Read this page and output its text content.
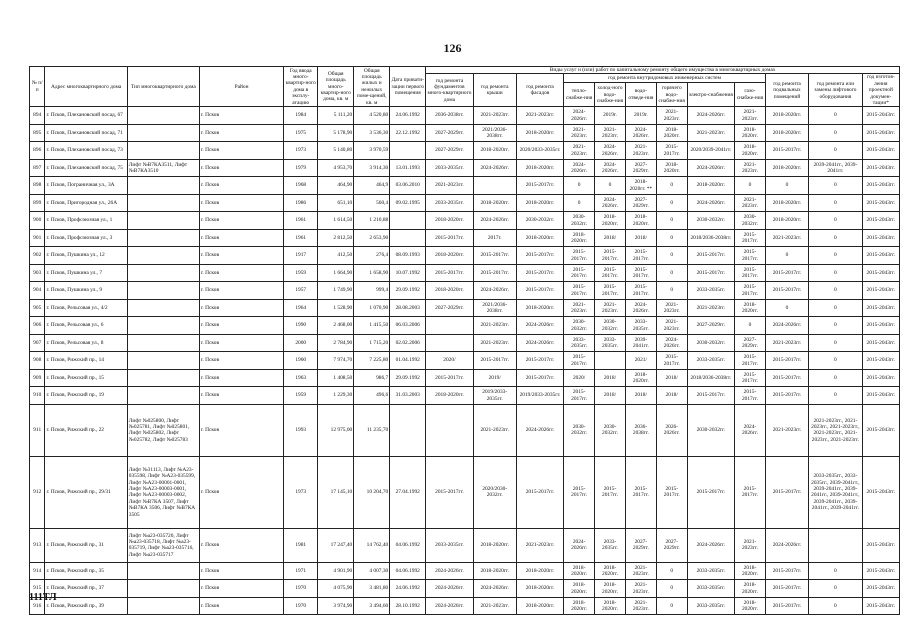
126
№ п/п	Адрес многоквартирного дома	Тип многоквартирного дома	Район	Год ввода много-квартир-ного дома в эксплу-атацию	Общая площадь много-квартир-ного дома, кв. м	Общая площадь жилых и нежилых поме-щений, кв. м	Дата привати-зации первого помещения	Виды услуг и (или) работ по капитальному ремонту общего имущества в многоквартирных домах											
								год ремонта фундаментов много-квартирного дома	год ремонта крыши	год ремонта фасадов	год ремонта внутридомовых инженерных систем						год ремонта подвальных помещений	год ремонта или замены лифтового оборудования	год изготов-ления проектной докумен-тации*
											тепло-снабже-ния	холод-ного водо-снабже-ния	водо-отведе-ния	горячего водо-снабже-ния	электро-снабжения	газо-снабже-ния			
894	г. Псков, Плехановский посад, 67		г. Псков	1984	5 111,20	4 520,80	24.06.1992	2036-2038гг.	2021-2023гг.	2021-2023гг.	2024-2026гг.	2019г.	2019г.	2021-2023гг.	2024-2026гг.	2021-2023гг.	2018-2020гг.	0	2015-2043гг.
895	г. Псков, Плехановский посад, 71		г. Псков	1975	5 178,90	3 536,30	22.12.1992	2027-2029гг.	2021/2036-2038гг.	2018-2020гг.	2021-2023гг.	2021-2023гг.	2024-2026гг.	2018-2020гг.	2021-2023гг.	2018-2020гг.	2018-2020гг.	0	2015-2043гг.
896	г. Псков, Плехановский посад, 73		г. Псков	1973	5 140,80	3 970,59		2027-2029гг.	2018-2020гг.	2020/2033-2035гг.	2021-2023гг.	2024-2026гг.	2021-2023гг.	2015-2017гг.	2020/2039-2041гг.	2018-2020гг.	2015-2017гг.	0	2015-2043гг.
897	г. Псков, Плехановский посад, 75	Лифт №В7КА3511, Лифт №В7КА3510	г. Псков	1979	4 953,70	3 914,30	13.01.1993	2033-2035гг.	2024-2026гг.	2018-2020гг.	2024-2026гг.	2024-2026гг.	2027-2029гг.	2018-2020гг.	2024-2026гг.	2021-2023гг.	2018-2020гг.	2039-2041гг., 2039-2041гг.	2015-2043гг.
898	г. Псков, Пограничная ул., 3А		г. Псков	1968	464,90	464,9	03.06.2010	2021-2023гг.		2015-2017гг.	0	0	2018-2020гг. **	0	2018-2020гг.	0	0	0	2015-2043гг.
899	г. Псков, Пригородная ул., 26А		г. Псков	1986	651,10	560,4	09.02.1995	2033-2035гг.	2018-2020гг.	2018-2020гг.	0	2024-2026гг.	2027-2029гг.	0	2024-2026гг.	2021-2023гг.	2018-2020гг.	0	2015-2043гг.
900	г. Псков, Профсоюзная ул., 1		г. Псков	1961	1 614,50	1 210,88		2018-2020гг.	2024-2026гг.	2030-2032гг.	2030-2032гг.	2018-2020гг.	2018-2020гг.	0	2030-2032гг.	2030-2032гг.	2018-2020гг.	0	2015-2043гг.
901	г. Псков, Профсоюзная ул., 3		г. Псков	1961	2 812,50	2 653,90		2015-2017гг.	2017г.	2018-2020гг.	2018-2020гг.	2018/	2018/	0	2018/2036-2038гг.	2015-2017гг.	2021-2023гг.	0	2015-2043гг.
902	г. Псков, Пушкина ул., 12		г. Псков	1917	412,50	276,4	08.09.1993	2018-2020гг.	2015-2017гг.	2015-2017гг.	2015-2017гг.	2015-2017гг.	2015-2017гг.	0	2015-2017гг.	2015-2017гг.	0	0	2015-2043гг.
903	г. Псков, Пушкина ул., 7		г. Псков	1959	1 664,90	1 658,90	10.07.1992	2015-2017гг.	2015-2017гг.	2015-2017гг.	2015-2017гг.	2015-2017гг.	2015-2017гг.	0	2015-2017гг.	2015-2017гг.	2015-2017гг.	0	2015-2043гг.
904	г. Псков, Пушкина ул., 9		г. Псков	1957	1 749,90	999,4	29.09.1992	2018-2020гг.	2024-2026гг.	2015-2017гг.	2015-2017гг.	2015-2017гг.	2015-2017гг.	0	2033-2035гг.	2015-2017гг.	2015-2017гг.	0	2015-2043гг.
905	г. Псков, Рельсовая ул., 4/2		г. Псков	1964	1 528,90	1 070,90	28.08.2003	2027-2029гг.	2021/2036-2038гг.	2018-2020гг.	2021-2023гг.	2021-2023гг.	2024-2026гг.	2021-2023гг.	2021-2023гг.	2018-2020гг.	0	0	2015-2043гг.
906	г. Псков, Рельсовая ул., 6		г. Псков	1990	2 468,00	1 415,50	06.03.2006		2021-2023гг.	2024-2026гг.	2030-2032гг.	2030-2032гг.	2033-2035гг.	2021-2023гг.	2027-2029гг.	0	2024-2026гг.	0	2015-2043гг.
907	г. Псков, Рельсовая ул., 8		г. Псков	2000	2 784,90	1 715,20	02.02.2006		2021-2023гг.	2024-2026гг.	2033-2035гг.	2033-2035гг.	2039-2041гг.	2024-2026гг.	2030-2032гг.	2027-2029гг.	2021-2023гг.	0	2015-2043гг.
908	г. Псков, Рижский пр., 14		г. Псков	1960	7 974,70	7 225,80	01.04.1992	2020/	2015-2017гг.	2015-2017гг.	2015-2017гг.		2021/	2015-2017гг.	2033-2035гг.	2015-2017гг.	2015-2017гг.	0	2015-2043гг.
909	г. Псков, Рижский пр., 15		г. Псков	1963	1 408,50	986,7	29.09.1992	2015-2017гг.	2019/	2015-2017гг.	2020/	2018/	2018-2020гг.	2018/	2018/2036-2038гг.	2015-2017гг.	2015-2017гг.	0	2015-2043гг.
910	г. Псков, Рижский пр., 19		г. Псков	1959	1 229,30	496,6	31.03.2003	2018-2020гг.	2019/2033-2035гг.	2019/2033-2035гг.	2015-2017гг.	2018/	2018/	2018/	2015-2017гг.	2015-2017гг.	2015-2017гг.	0	2015-2043гг.
911	г. Псков, Рижский пр., 22	Лифт №025800, Лифт №025781, Лифт №025801, Лифт №025802, Лифт №025782, Лифт №025783	г. Псков	1993	12 975,00	11 235,70			2021-2023гг.	2024-2026гг.	2030-2032гг.	2030-2032гг.	2036-2038гг.	2026-2026гг.	2030-2032гг.	2024-2026гг.	2021-2023гг.	2021-2023гг., 2021-2023гг., 2021-2023гг., 2021-2023гг., 2021-2023гг., 2021-2023гг.	2015-2043гг.
912	г. Псков, Рижский пр., 29/31	Лифт №31113, Лифт №А23-035598, Лифт №А23-035599, Лифт №А23-00001-0001, Лифт №А23-00003-0001, Лифт №А23-00003-0002, Лифт №В7КА 3507, Лифт №В7КА 3506, Лифт №В7КА 3505	г. Псков	1973	17 145,10	10 204,70	27.04.1992	2015-2017гг.	2020/2030-2032гг.	2015-2017гг.	2015-2017гг.	2015-2017гг.	2015-2017гг.	2015-2017гг.	2015-2017гг.	2015-2017гг.	2015-2017гг.	2033-2035гг., 2033-2035гг., 2039-2041гг., 2039-2041гг., 2039-2041гг., 2039-2041гг., 2039-2041гг., 2039-2041гг., 2039-2041гг.	2015-2043гг.
913	г. Псков, Рижский пр., 31	Лифт №а23-035720, Лифт №а23-035718, Лифт №а23-035719, Лифт №а23-035716, Лифт №а23-035717	г. Псков	1981	17 247,40	14 762,40	04.06.1992	2033-2035гг.	2018-2020гг.	2021-2023гг.	2024-2026гг.	2033-2035гг.	2027-2029гг.	2027-2029гг.	2024-2026гг.	2021-2023гг.	2024-2026гг.		2015-2043гг.
914	г. Псков, Рижский пр., 35		г. Псков	1971	4 901,90	4 007,30	04.06.1992	2024-2026гг.	2018-2020гг.	2018-2020гг.	2018-2020гг.	2018-2020гг.	2021-2023гг.	0	2033-2035гг.	2018-2020гг.	2015-2017гг.	0	2015-2043гг.
915	г. Псков, Рижский пр., 37		г. Псков	1970	4 075,90	3 481,80	24.06.1992	2024-2026гг.	2024-2026гг.	2018-2020гг.	2018-2020гг.	2018-2020гг.	2021-2023гг.	0	2033-2035гг.	2018-2020гг.	2015-2017гг.	0	2015-2043гг.
916	г. Псков, Рижский пр., 39		г. Псков	1970	3 974,90	3 494,60	28.10.1992	2024-2026гг.	2021-2023гг.	2018-2020гг.	2018-2020гг.	2018-2020гг.	2021-2023гг.	0	2033-2035гг.	2018-2020гг.	2015-2017гг.	0	2015-2043гг.
111ТЛ
